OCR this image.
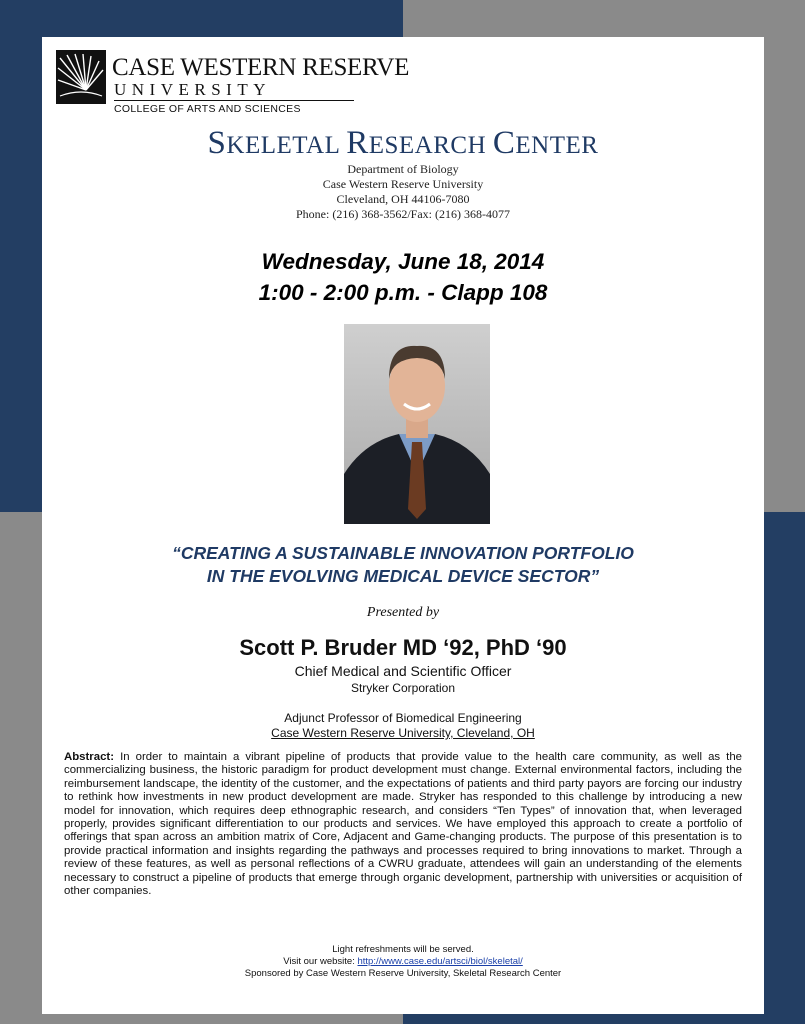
CASE WESTERN RESERVE
UNIVERSITY
COLLEGE OF ARTS AND SCIENCES
SKELETAL RESEARCH CENTER
Department of Biology
Case Western Reserve University
Cleveland, OH 44106-7080
Phone: (216) 368-3562/Fax: (216) 368-4077
Wednesday, June 18, 2014
1:00 - 2:00 p.m. - Clapp 108
“CREATING A SUSTAINABLE INNOVATION PORTFOLIO
IN THE EVOLVING MEDICAL DEVICE SECTOR”
Presented by
Scott P. Bruder MD ‘92, PhD ‘90
Chief Medical and Scientific Officer
Stryker Corporation
Adjunct Professor of Biomedical Engineering
Case Western Reserve University, Cleveland, OH
Abstract: In order to maintain a vibrant pipeline of products that provide value to the health care community, as well as the commercializing business, the historic paradigm for product development must change. External environmental factors, including the reimbursement landscape, the identity of the customer, and the expectations of patients and third party payors are forcing our industry to rethink how investments in new product development are made. Stryker has responded to this challenge by introducing a new model for innovation, which requires deep ethnographic research, and considers “Ten Types” of innovation that, when leveraged properly, provides significant differentiation to our products and services. We have employed this approach to create a portfolio of offerings that span across an ambition matrix of Core, Adjacent and Game-changing products. The purpose of this presentation is to provide practical information and insights regarding the pathways and processes required to bring innovations to market. Through a review of these features, as well as personal reflections of a CWRU graduate, attendees will gain an understanding of the elements necessary to construct a pipeline of products that emerge through organic development, partnership with universities or acquisition of other companies.
Light refreshments will be served.
Visit our website: http://www.case.edu/artsci/biol/skeletal/
Sponsored by Case Western Reserve University, Skeletal Research Center
